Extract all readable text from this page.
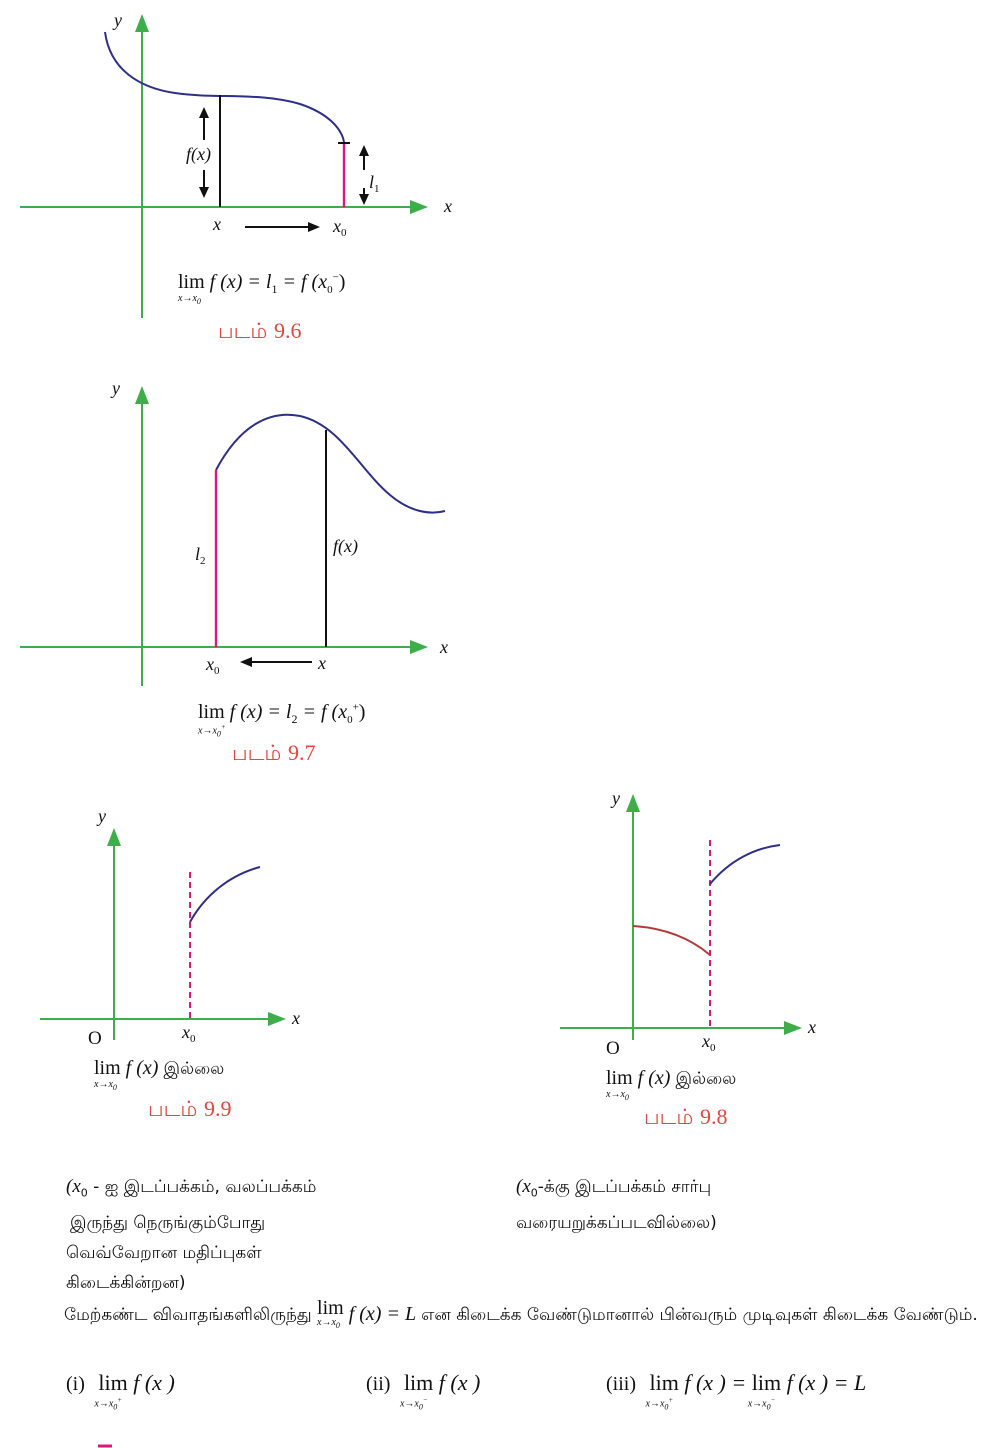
y
x
f(x)
$l_1$
x	$x_0$
lim
$x\to x_0$
f $(x) = l_1 = f$ $(x_0^-)$
படம் 9.6
y
x
$l_2$
f(x)
$x_0$	x
lim
$x\to x_0^+$
f $(x) = l_2 = f$ $(x_0^+)$
படம் 9.7
y
x
O	$x_0$
lim
$x\to x_0$
f (x) இல்லை
படம் 9.9
y
x
O	$x_0$
lim
$x\to x_0$
f (x) இல்லை
படம் 9.8
($x_0$ - ஐ இடப்பக்கம், வலப்பக்கம்
இருந்து நெருங்கும்போது
வெவ்வேறான மதிப்புகள்
கிடைக்கின்றன)
($x_0-க்கு$ இடப்பக்கம் சார்பு
வரையறுக்கப்படவில்லை)
மேற்கண்ட விவாதங்களிலிருந்து lim
$x\to x_0$
f (x) = L என கிடைக்க வேண்டுமானால் பின்வரும் முடிவுகள் கிடைக்க வேண்டும்.
(i) lim
$x\to x_0^+$
f (x )	(ii) lim
$x\to x_0^-$
f (x )	(iii) lim
$x\to x_0^+$
f (x ) = lim
$x\to x_0^-$
f (x ) = L
